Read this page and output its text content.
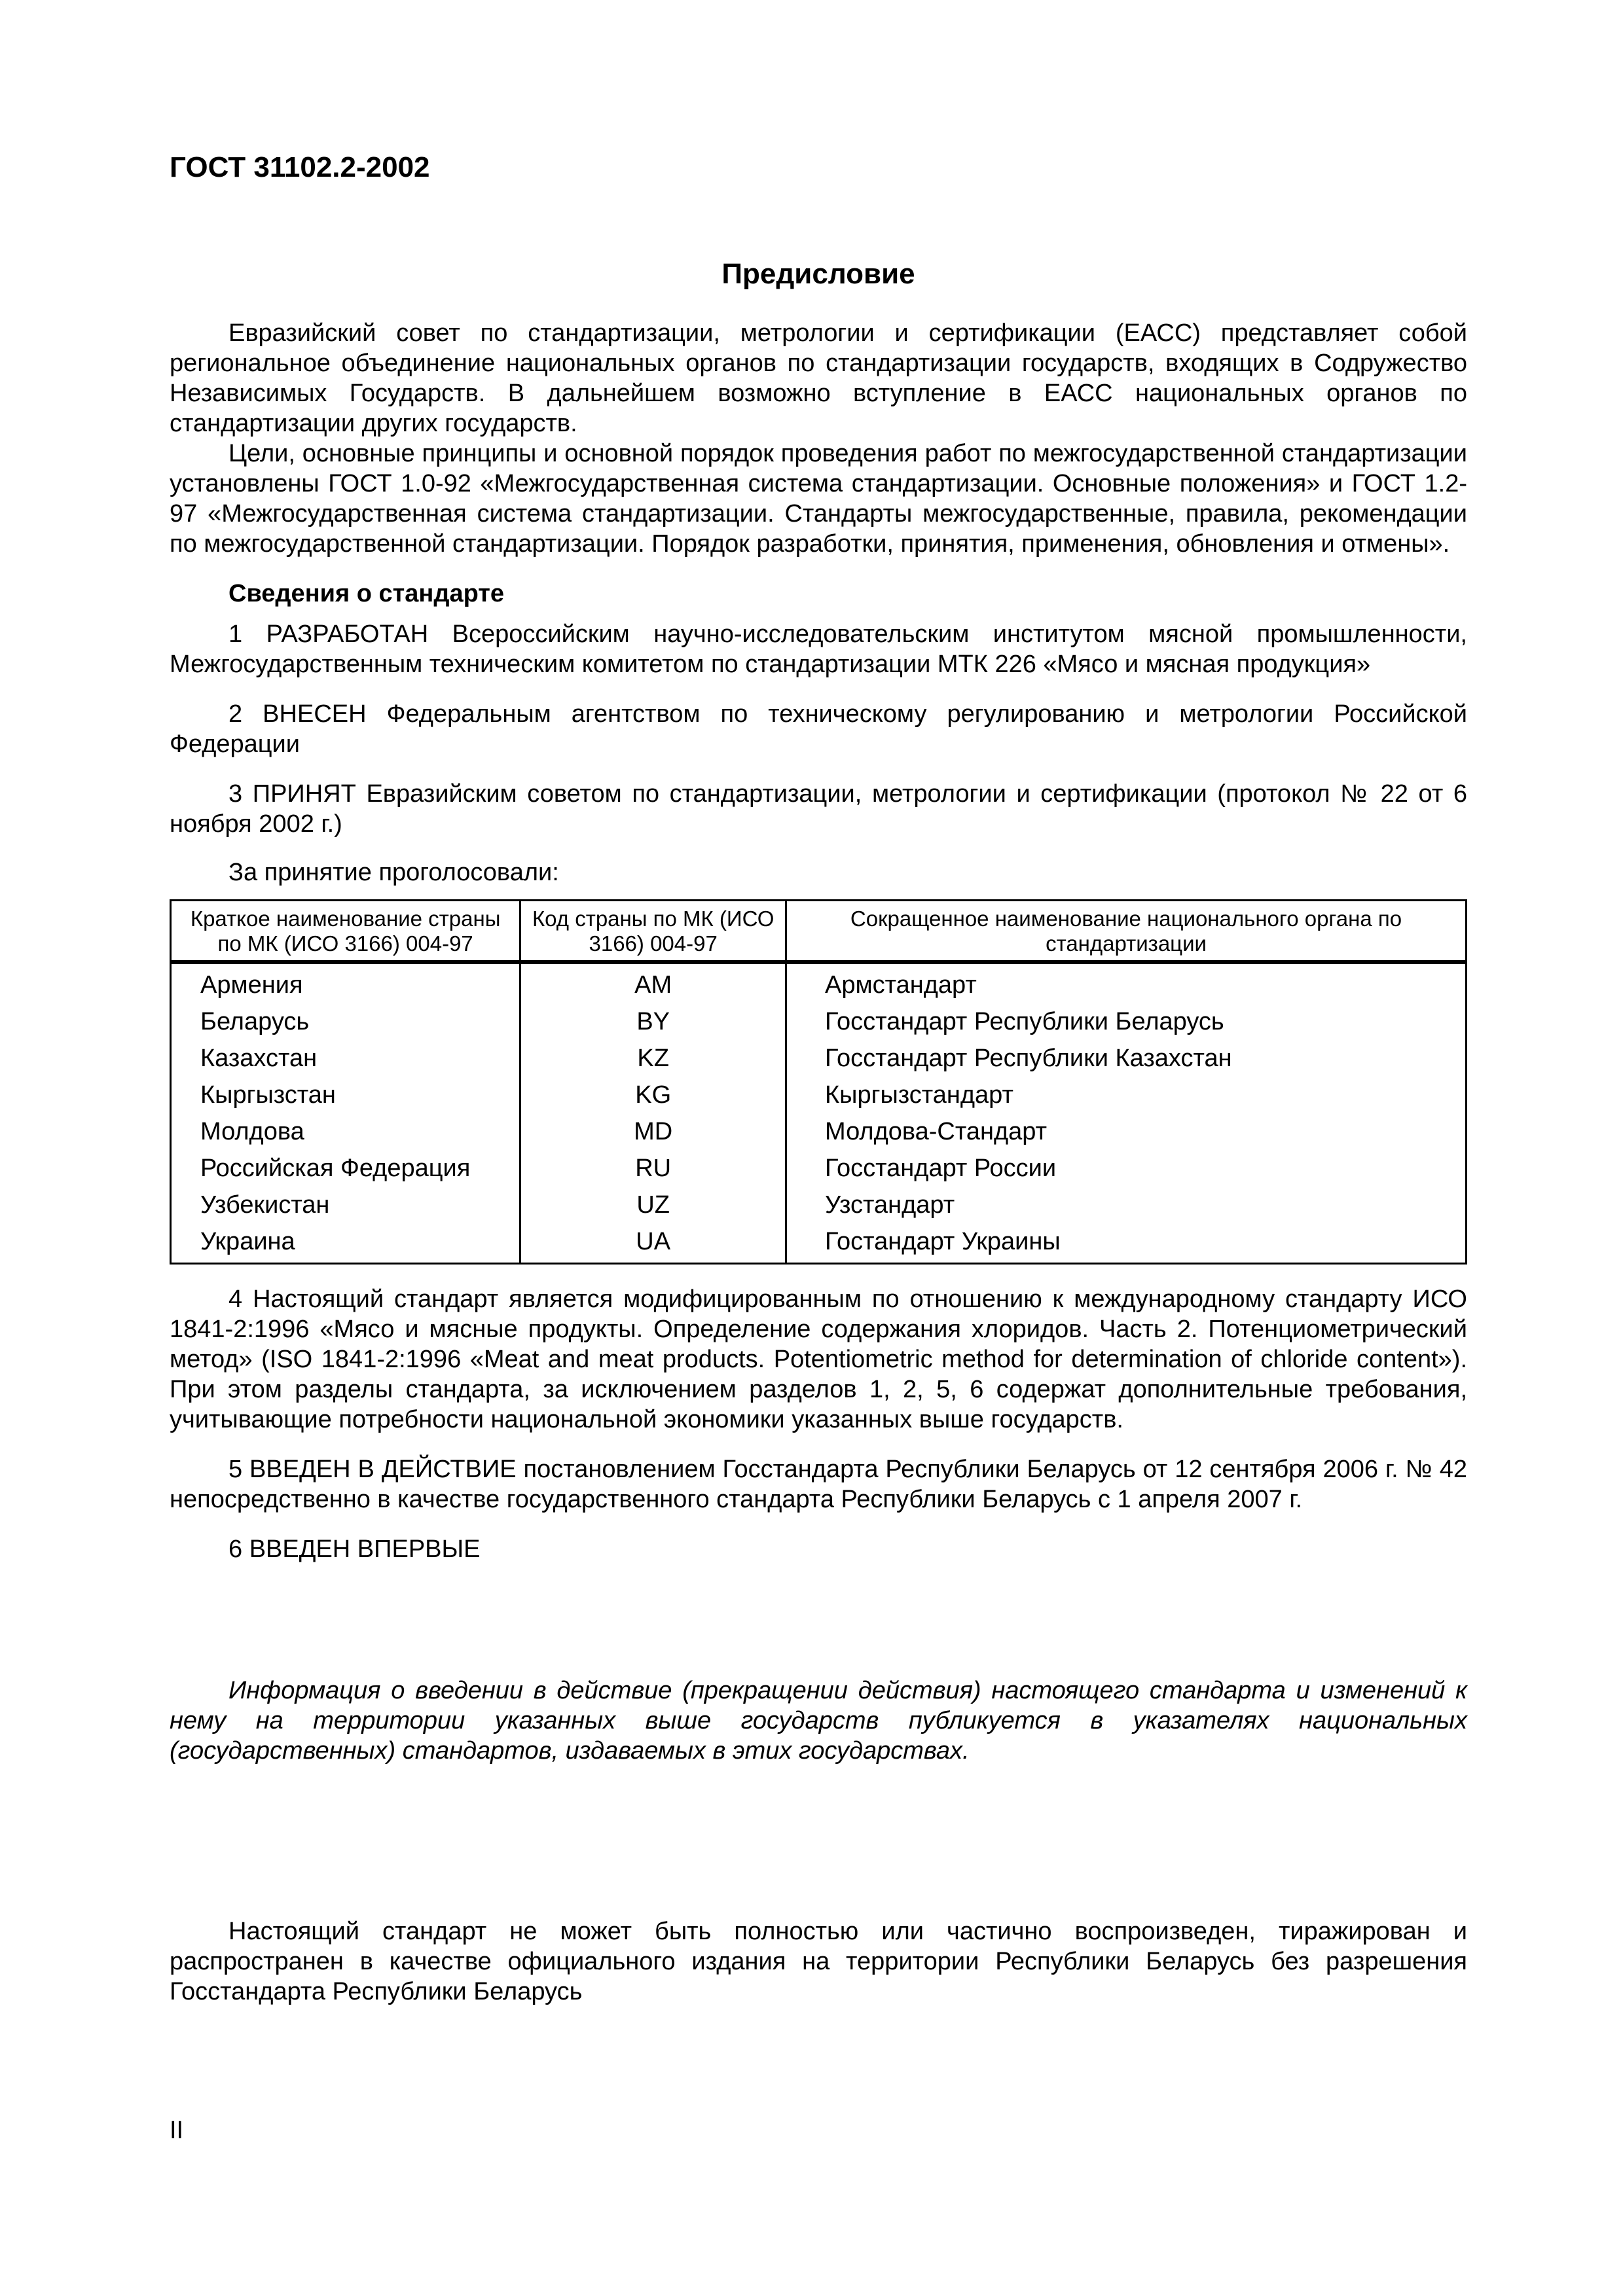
ГОСТ 31102.2-2002
Предисловие

Евразийский совет по стандартизации, метрологии и сертификации (ЕАСС) представляет собой региональное объединение национальных органов по стандартизации государств, входящих в Содружество Независимых Государств. В дальнейшем возможно вступление в ЕАСС национальных органов по стандартизации других государств.

Цели, основные принципы и основной порядок проведения работ по межгосударственной стандартизации установлены ГОСТ 1.0-92 «Межгосударственная система стандартизации. Основные положения» и ГОСТ 1.2-97 «Межгосударственная система стандартизации. Стандарты межгосударственные, правила, рекомендации по межгосударственной стандартизации. Порядок разработки, принятия, применения, обновления и отмены».

Сведения о стандарте

1 РАЗРАБОТАН Всероссийским научно-исследовательским институтом мясной промышленности, Межгосударственным техническим комитетом по стандартизации МТК 226 «Мясо и мясная продукция»

2 ВНЕСЕН Федеральным агентством по техническому регулированию и метрологии Российской Федерации

3 ПРИНЯТ Евразийским советом по стандартизации, метрологии и сертификации (протокол № 22 от 6 ноября 2002 г.)

За принятие проголосовали:
Краткое наименование страны по МК (ИСО 3166) 004-97	Код страны по МК (ИСО 3166) 004-97	Сокращенное наименование национального органа по стандартизации
Армения	AM	Армстандарт
Беларусь	BY	Госстандарт Республики Беларусь
Казахстан	KZ	Госстандарт Республики Казахстан
Кыргызстан	KG	Кыргызстандарт
Молдова	MD	Молдова-Стандарт
Российская Федерация	RU	Госстандарт России
Узбекистан	UZ	Узстандарт
Украина	UA	Гостандарт Украины

4 Настоящий стандарт является модифицированным по отношению к международному стандарту ИСО 1841-2:1996 «Мясо и мясные продукты. Определение содержания хлоридов. Часть 2. Потенциометрический метод» (ISO 1841-2:1996 «Meat and meat products. Potentiometric method for determination of chloride content»). При этом разделы стандарта, за исключением разделов 1, 2, 5, 6 содержат дополнительные требования, учитывающие потребности национальной экономики указанных выше государств.

5 ВВЕДЕН В ДЕЙСТВИЕ постановлением Госстандарта Республики Беларусь от 12 сентября 2006 г. № 42 непосредственно в качестве государственного стандарта Республики Беларусь с 1 апреля 2007 г.

6 ВВЕДЕН ВПЕРВЫЕ

Информация о введении в действие (прекращении действия) настоящего стандарта и изменений к нему на территории указанных выше государств публикуется в указателях национальных (государственных) стандартов, издаваемых в этих государствах.

Настоящий стандарт не может быть полностью или частично воспроизведен, тиражирован и распространен в качестве официального издания на территории Республики Беларусь без разрешения Госстандарта Республики Беларусь

II
